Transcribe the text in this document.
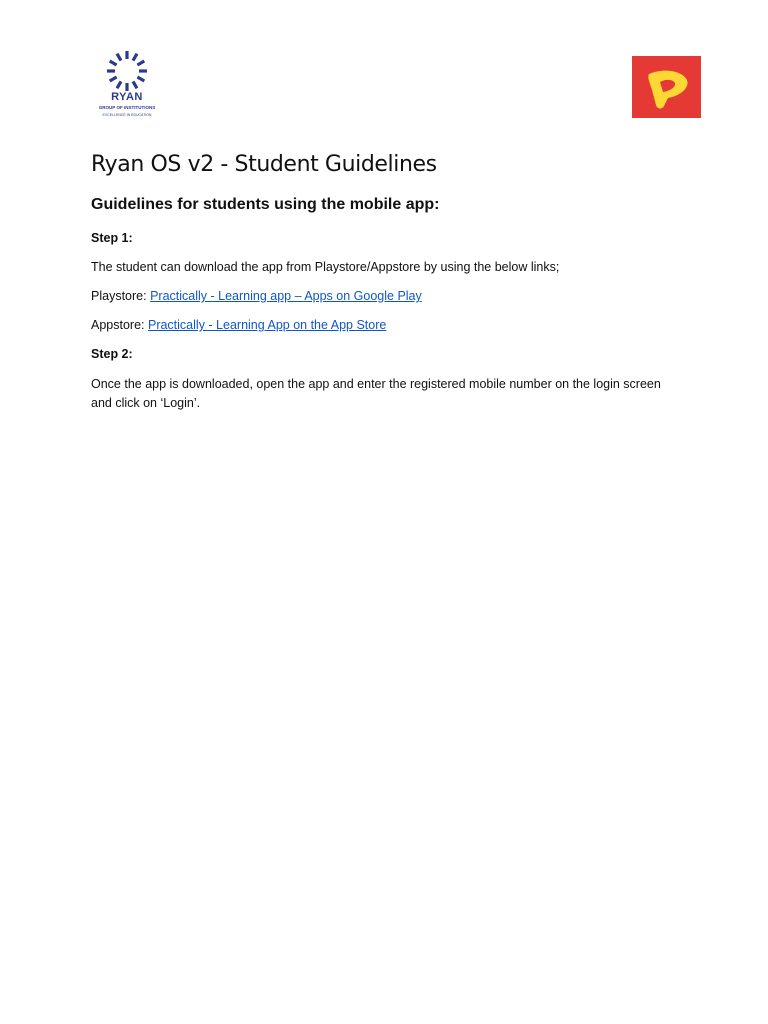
RYAN
GROUP OF INSTITUTIONS
EXCELLENCE IN EDUCATION
Ryan OS v2 - Student Guidelines
Guidelines for students using the mobile app:
Step 1:
The student can download the app from Playstore/Appstore by using the below links;
Playstore: Practically - Learning app – Apps on Google Play
Appstore: Practically - Learning App on the App Store
Step 2:
Once the app is downloaded, open the app and enter the registered mobile number on the login screen
and click on ‘Login’.
